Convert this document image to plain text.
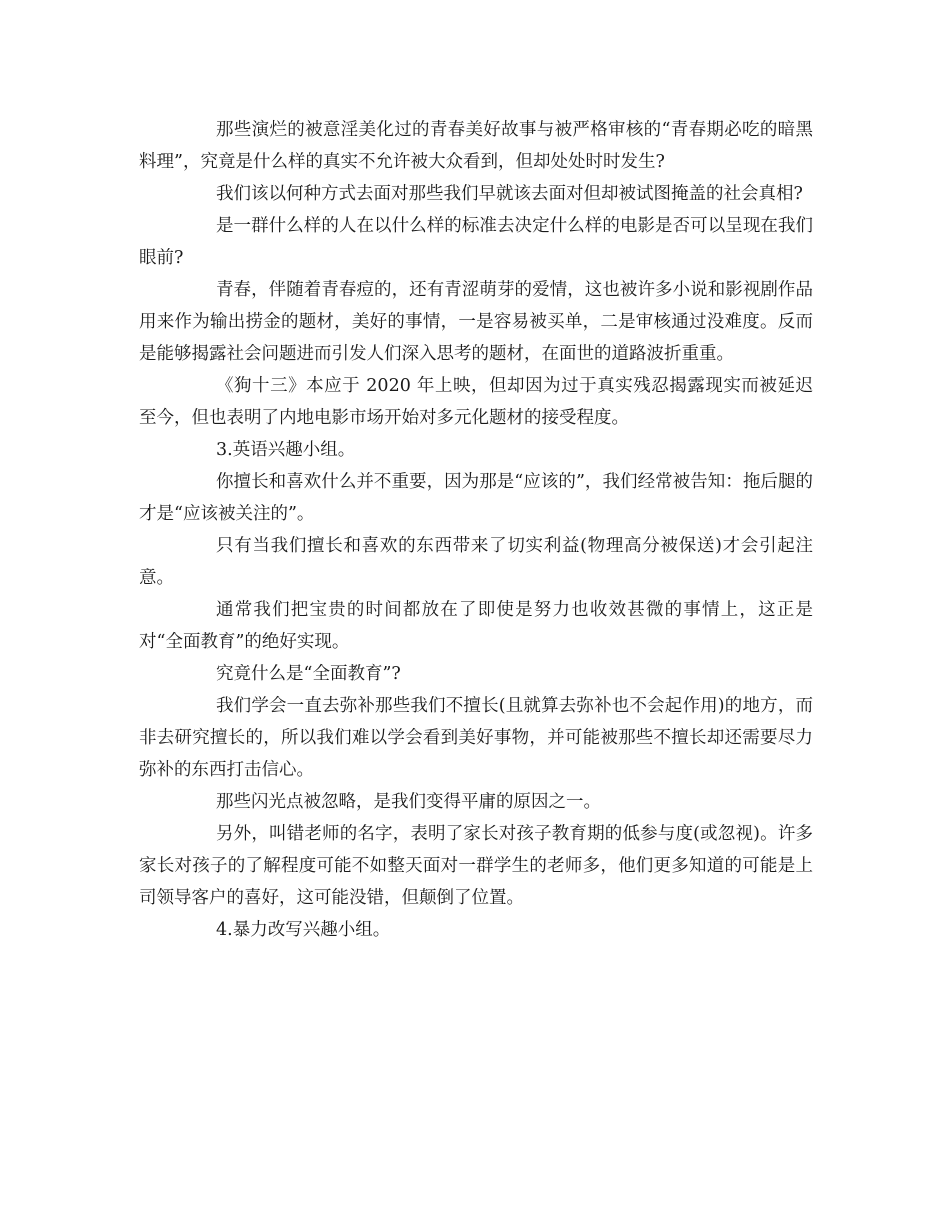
那些演烂的被意淫美化过的青春美好故事与被严格审核的“青春期必吃的暗黑料理”，究竟是什么样的真实不允许被大众看到，但却处处时时发生?

我们该以何种方式去面对那些我们早就该去面对但却被试图掩盖的社会真相?

是一群什么样的人在以什么样的标准去决定什么样的电影是否可以呈现在我们眼前?

青春，伴随着青春痘的，还有青涩萌芽的爱情，这也被许多小说和影视剧作品用来作为输出捞金的题材，美好的事情，一是容易被买单，二是审核通过没难度。反而是能够揭露社会问题进而引发人们深入思考的题材，在面世的道路波折重重。

《狗十三》本应于 2020 年上映，但却因为过于真实残忍揭露现实而被延迟至今，但也表明了内地电影市场开始对多元化题材的接受程度。

3.英语兴趣小组。

你擅长和喜欢什么并不重要，因为那是“应该的”，我们经常被告知：拖后腿的才是“应该被关注的”。

只有当我们擅长和喜欢的东西带来了切实利益(物理高分被保送)才会引起注意。

通常我们把宝贵的时间都放在了即使是努力也收效甚微的事情上，这正是对“全面教育”的绝好实现。

究竟什么是“全面教育”?

我们学会一直去弥补那些我们不擅长(且就算去弥补也不会起作用)的地方，而非去研究擅长的，所以我们难以学会看到美好事物，并可能被那些不擅长却还需要尽力弥补的东西打击信心。

那些闪光点被忽略，是我们变得平庸的原因之一。

另外，叫错老师的名字，表明了家长对孩子教育期的低参与度(或忽视)。许多家长对孩子的了解程度可能不如整天面对一群学生的老师多，他们更多知道的可能是上司领导客户的喜好，这可能没错，但颠倒了位置。

4.暴力改写兴趣小组。
